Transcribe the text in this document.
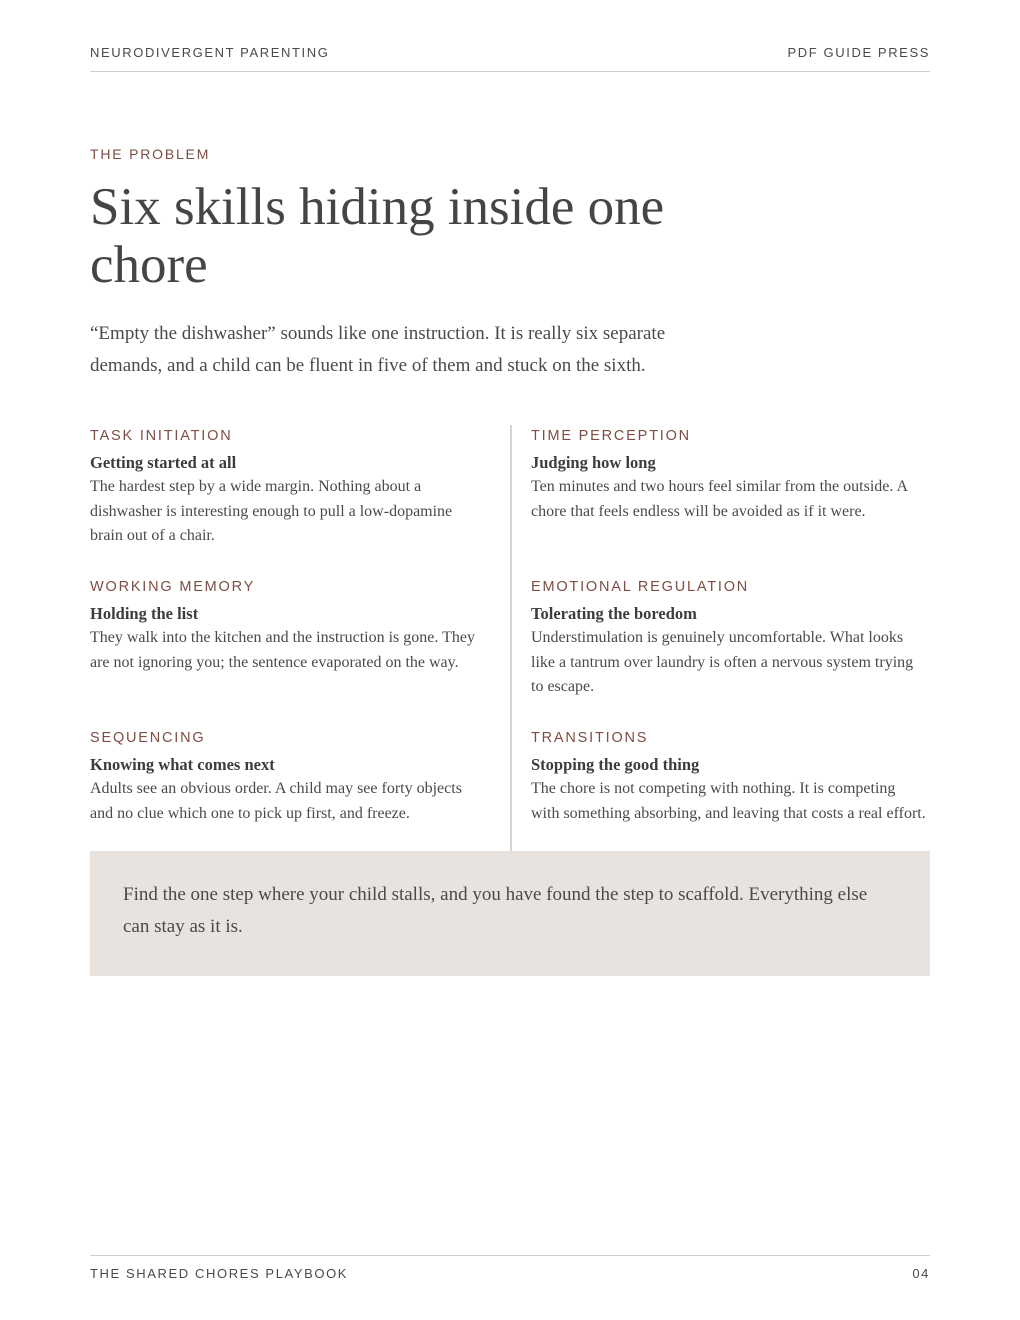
NEURODIVERGENT PARENTING	PDF GUIDE PRESS
THE PROBLEM
Six skills hiding inside one chore

“Empty the dishwasher” sounds like one instruction. It is really six separate demands, and a child can be fluent in five of them and stuck on the sixth.

TASK INITIATION
Getting started at all

The hardest step by a wide margin. Nothing about a dishwasher is interesting enough to pull a low-dopamine brain out of a chair.

TIME PERCEPTION
Judging how long

Ten minutes and two hours feel similar from the outside. A chore that feels endless will be avoided as if it were.

WORKING MEMORY
Holding the list

They walk into the kitchen and the instruction is gone. They are not ignoring you; the sentence evaporated on the way.

EMOTIONAL REGULATION
Tolerating the boredom

Understimulation is genuinely uncomfortable. What looks like a tantrum over laundry is often a nervous system trying to escape.

SEQUENCING
Knowing what comes next

Adults see an obvious order. A child may see forty objects and no clue which one to pick up first, and freeze.

TRANSITIONS
Stopping the good thing

The chore is not competing with nothing. It is competing with something absorbing, and leaving that costs a real effort.

Find the one step where your child stalls, and you have found the step to scaffold. Everything else can stay as it is.

THE SHARED CHORES PLAYBOOK	04
